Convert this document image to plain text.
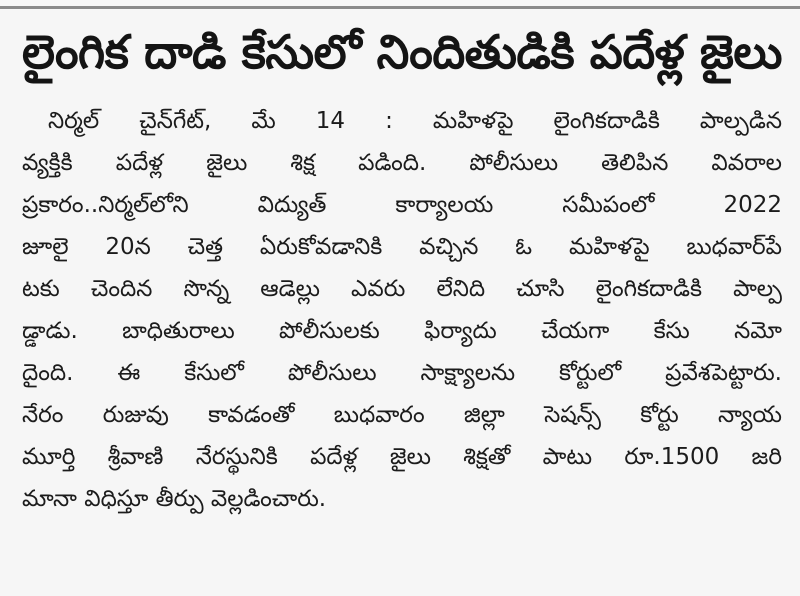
లైంగిక దాడి కేసులో నిందితుడికి పదేళ్ల జైలు
నిర్మల్ చైన్‌గేట్, మే 14 : మహిళపై లైంగికదాడికి పాల్పడిన
వ్యక్తికి పదేళ్ల జైలు శిక్ష పడింది. పోలీసులు తెలిపిన వివరాల
ప్రకారం..నిర్మల్‌లోని విద్యుత్ కార్యాలయ సమీపంలో 2022
జూలై 20న చెత్త ఏరుకోవడానికి వచ్చిన ఓ మహిళపై బుధవార్‌పే
టకు చెందిన సొన్న ఆడెల్లు ఎవరు లేనిది చూసి లైంగికదాడికి పాల్ప
డ్డాడు. బాధితురాలు పోలీసులకు ఫిర్యాదు చేయగా కేసు నమో
దైంది. ఈ కేసులో పోలీసులు సాక్ష్యాలను కోర్టులో ప్రవేశపెట్టారు.
నేరం రుజువు కావడంతో బుధవారం జిల్లా సెషన్స్ కోర్టు న్యాయ
మూర్తి శ్రీవాణి నేరస్థునికి పదేళ్ల జైలు శిక్షతో పాటు రూ.1500 జరి
మానా విధిస్తూ తీర్పు వెల్లడించారు.
